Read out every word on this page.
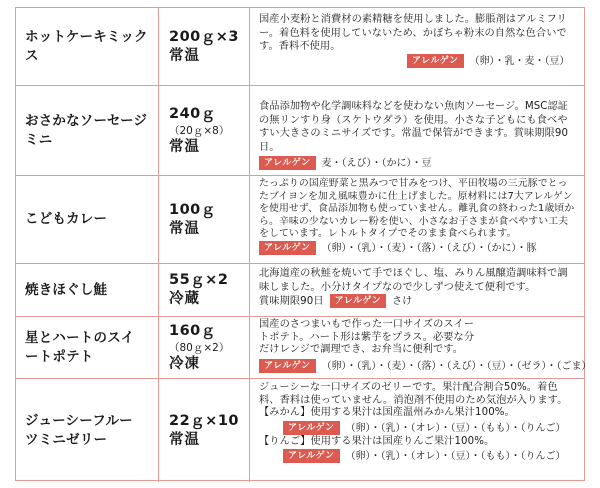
ホットケーキミックス
200ｇ×3
常温
国産小麦粉と消費材の素精糖を使用しました。膨脹剤はアルミフリー。着色料を使用していないため、かぼちゃ粉末の自然な色合いです。香料不使用。
アレルゲン （卵）・乳・麦・（豆）
おさかなソーセージミニ
240ｇ
（20ｇ×8）
常温
食品添加物や化学調味料などを使わない魚肉ソーセージ。MSC認証の無リンすり身（スケトウダラ）を使用。小さな子どもにも食べやすい大きさのミニサイズです。常温で保管ができます。賞味期限90日。
アレルゲン 麦・（えび）・（かに）・豆
こどもカレー
100ｇ
常温
たっぷりの国産野菜と黒みつで甘みをつけ、平田牧場の三元豚でとったブイヨンを加え風味豊かに仕上げました。原材料には7大アレルゲンを使用せず、食品添加物も使っていません。離乳食の終わった1歳頃から。辛味の少ないカレー粉を使い、小さなお子さまが食べやすい工夫をしています。レトルトタイプでそのまま食べられます。
アレルゲン （卵）・（乳）・（麦）・（落）・（えび）・（かに）・豚
焼きほぐし鮭
55ｇ×2
冷蔵
北海道産の秋鮭を焼いて手でほぐし、塩、みりん風醸造調味料で調味しました。小分けタイプなので少しずつ使えて便利です。
賞味期限90日 アレルゲン さけ
星とハートのスイートポテト
160ｇ
（80ｇ×2）
冷凍
国産のさつまいもで作った一口サイズのスイートポテト。ハート形は紫芋をプラス。必要な分だけレンジで調理でき、お弁当に便利です。
アレルゲン （卵）・（乳）・（麦）・（落）・（えび）・（豆）・（ゼラ）・（ごま）
ジューシーフルーツミニゼリー
22ｇ×10
常温
ジューシーな一口サイズのゼリーです。果汁配合割合50%。着色料、香料は使っていません。消泡剤不使用のため気泡が入ります。
【みかん】使用する果汁は国産温州みかん果汁100%。
アレルゲン （卵）・（乳）・（オレ）・（豆）・（もも）・（りんご）
【りんご】使用する果汁は国産りんご果汁100%。
アレルゲン （卵）・（乳）・（オレ）・（豆）・（もも）・（りんご）
